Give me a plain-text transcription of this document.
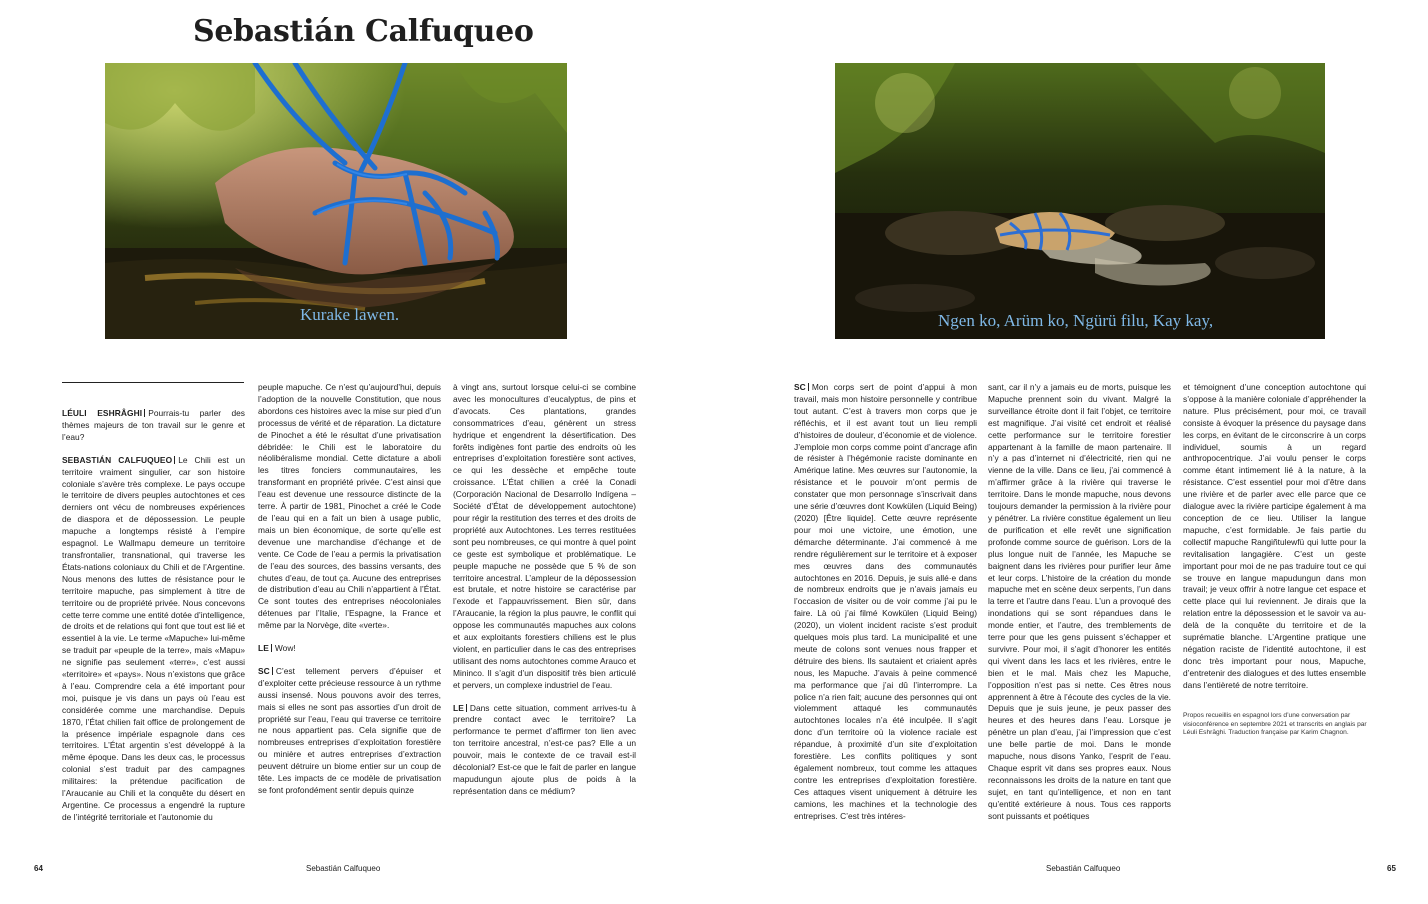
Sebastián Calfuqueo
Kurake lawen.	Ngen ko, Arüm ko, Ngürü filu, Kay kay,

LÉULI ESHRÂGHI Pourrais-tu parler des thèmes majeurs de ton travail sur le genre et l’eau?

SEBASTIÁN CALFUQUEO Le Chili est un territoire vraiment singulier, car son histoire coloniale s’avère très complexe. Le pays occupe le territoire de divers peuples autochtones et ces derniers ont vécu de nombreuses expériences de diaspora et de dépossession. Le peuple mapuche a longtemps résisté à l’empire espagnol. Le Wallmapu demeure un territoire transfrontalier, transnational, qui traverse les États-nations coloniaux du Chili et de l’Argentine. Nous menons des luttes de résistance pour le territoire mapuche, pas simplement à titre de territoire ou de propriété privée. Nous concevons cette terre comme une entité dotée d’intelligence, de droits et de relations qui font que tout est lié et essentiel à la vie. Le terme «Mapuche» lui-même se traduit par «peuple de la terre», mais «Mapu» ne signifie pas seulement «terre», c’est aussi «territoire» et «pays». Nous n’existons que grâce à l’eau. Comprendre cela a été important pour moi, puisque je vis dans un pays où l’eau est considérée comme une marchandise. Depuis 1870, l’État chilien fait office de prolongement de la présence impériale espagnole dans ces territoires. L’État argentin s’est développé à la même époque. Dans les deux cas, le processus colonial s’est traduit par des campagnes militaires: la prétendue pacification de l’Araucanie au Chili et la conquête du désert en Argentine. Ce processus a engendré la rupture de l’intégrité territoriale et l’autonomie du

peuple mapuche. Ce n’est qu’aujourd’hui, depuis l’adoption de la nouvelle Constitution, que nous abordons ces histoires avec la mise sur pied d’un processus de vérité et de réparation. La dictature de Pinochet a été le résultat d’une privatisation débridée: le Chili est le laboratoire du néolibéralisme mondial. Cette dictature a aboli les titres fonciers communautaires, les transformant en propriété privée. C’est ainsi que l’eau est devenue une ressource distincte de la terre. À partir de 1981, Pinochet a créé le Code de l’eau qui en a fait un bien à usage public, mais un bien économique, de sorte qu’elle est devenue une marchandise d’échange et de vente. Ce Code de l’eau a permis la privatisation de l’eau des sources, des bassins versants, des chutes d’eau, de tout ça. Aucune des entreprises de distribution d’eau au Chili n’appartient à l’État. Ce sont toutes des entreprises néocoloniales détenues par l’Italie, l’Espagne, la France et même par la Norvège, dite «verte».

LE Wow!

SC C’est tellement pervers d’épuiser et d’exploiter cette précieuse ressource à un rythme aussi insensé. Nous pouvons avoir des terres, mais si elles ne sont pas assorties d’un droit de propriété sur l’eau, l’eau qui traverse ce territoire ne nous appartient pas. Cela signifie que de nombreuses entreprises d’exploitation forestière ou minière et autres entreprises d’extraction peuvent détruire un biome entier sur un coup de tête. Les impacts de ce modèle de privatisation se font profondément sentir depuis quinze

à vingt ans, surtout lorsque celui-ci se combine avec les monocultures d’eucalyptus, de pins et d’avocats. Ces plantations, grandes consommatrices d’eau, génèrent un stress hydrique et engendrent la désertification. Des forêts indigènes font partie des endroits où les entreprises d’exploitation forestière sont actives, ce qui les dessèche et empêche toute croissance. L’État chilien a créé la Conadi (Corporación Nacional de Desarrollo Indígena – Société d’État de développement autochtone) pour régir la restitution des terres et des droits de propriété aux Autochtones. Les terres restituées sont peu nombreuses, ce qui montre à quel point ce geste est symbolique et problématique. Le peuple mapuche ne possède que 5 % de son territoire ancestral. L’ampleur de la dépossession est brutale, et notre histoire se caractérise par l’exode et l’appauvrissement. Bien sûr, dans l’Araucanie, la région la plus pauvre, le conflit qui oppose les communautés mapuches aux colons et aux exploitants forestiers chiliens est le plus violent, en particulier dans le cas des entreprises utilisant des noms autochtones comme Arauco et Mininco. Il s’agit d’un dispositif très bien articulé et pervers, un complexe industriel de l’eau.

LE Dans cette situation, comment arrives-tu à prendre contact avec le territoire? La performance te permet d’affirmer ton lien avec ton territoire ancestral, n’est-ce pas? Elle a un pouvoir, mais le contexte de ce travail est-il décolonial? Est-ce que le fait de parler en langue mapudungun ajoute plus de poids à la représentation dans ce médium?

SC Mon corps sert de point d’appui à mon travail, mais mon histoire personnelle y contribue tout autant. C’est à travers mon corps que je réfléchis, et il est avant tout un lieu rempli d’histoires de douleur, d’économie et de violence. J’emploie mon corps comme point d’ancrage afin de résister à l’hégémonie raciste dominante en Amérique latine. Mes œuvres sur l’autonomie, la résistance et le pouvoir m’ont permis de constater que mon personnage s’inscrivait dans une série d’œuvres dont Kowkülen (Liquid Being) (2020) [Être liquide]. Cette œuvre représente pour moi une victoire, une émotion, une démarche déterminante. J’ai commencé à me rendre régulièrement sur le territoire et à exposer mes œuvres dans des communautés autochtones en 2016. Depuis, je suis allé·e dans de nombreux endroits que je n’avais jamais eu l’occasion de visiter ou de voir comme j’ai pu le faire. Là où j’ai filmé Kowkülen (Liquid Being) (2020), un violent incident raciste s’est produit quelques mois plus tard. La municipalité et une meute de colons sont venues nous frapper et détruire des biens. Ils sautaient et criaient après nous, les Mapuche. J’avais à peine commencé ma performance que j’ai dû l’interrompre. La police n’a rien fait; aucune des personnes qui ont violemment attaqué les communautés autochtones locales n’a été inculpée. Il s’agit donc d’un territoire où la violence raciale est répandue, à proximité d’un site d’exploitation forestière. Les conflits politiques y sont également nombreux, tout comme les attaques contre les entreprises d’exploitation forestière. Ces attaques visent uniquement à détruire les camions, les machines et la technologie des entreprises. C’est très intéres-

sant, car il n’y a jamais eu de morts, puisque les Mapuche prennent soin du vivant. Malgré la surveillance étroite dont il fait l’objet, ce territoire est magnifique. J’ai visité cet endroit et réalisé cette performance sur le territoire forestier appartenant à la famille de maon partenaire. Il n’y a pas d’internet ni d’électricité, rien qui ne vienne de la ville. Dans ce lieu, j’ai commencé à m’affirmer grâce à la rivière qui traverse le territoire. Dans le monde mapuche, nous devons toujours demander la permission à la rivière pour y pénétrer. La rivière constitue également un lieu de purification et elle revêt une signification profonde comme source de guérison. Lors de la plus longue nuit de l’année, les Mapuche se baignent dans les rivières pour purifier leur âme et leur corps. L’histoire de la création du monde mapuche met en scène deux serpents, l’un dans la terre et l’autre dans l’eau. L’un a provoqué des inondations qui se sont répandues dans le monde entier, et l’autre, des tremblements de terre pour que les gens puissent s’échapper et survivre. Pour moi, il s’agit d’honorer les entités qui vivent dans les lacs et les rivières, entre le bien et le mal. Mais chez les Mapuche, l’opposition n’est pas si nette. Ces êtres nous apprennent à être à l’écoute des cycles de la vie. Depuis que je suis jeune, je peux passer des heures et des heures dans l’eau. Lorsque je pénètre un plan d’eau, j’ai l’impression que c’est une belle partie de moi. Dans le monde mapuche, nous disons Yanko, l’esprit de l’eau. Chaque esprit vit dans ses propres eaux. Nous reconnaissons les droits de la nature en tant que sujet, en tant qu’intelligence, et non en tant qu’entité extérieure à nous. Tous ces rapports sont puissants et poétiques

et témoignent d’une conception autochtone qui s’oppose à la manière coloniale d’appréhender la nature. Plus précisément, pour moi, ce travail consiste à évoquer la présence du paysage dans les corps, en évitant de le circonscrire à un corps individuel, soumis à un regard anthropocentrique. J’ai voulu penser le corps comme étant intimement lié à la nature, à la résistance. C’est essentiel pour moi d’être dans une rivière et de parler avec elle parce que ce dialogue avec la rivière participe également à ma conception de ce lieu. Utiliser la langue mapuche, c’est formidable. Je fais partie du collectif mapuche Rangiñtulewfü qui lutte pour la revitalisation langagière. C’est un geste important pour moi de ne pas traduire tout ce qui se trouve en langue mapudungun dans mon travail; je veux offrir à notre langue cet espace et cette place qui lui reviennent. Je dirais que la relation entre la dépossession et le savoir va au-delà de la conquête du territoire et de la suprématie blanche. L’Argentine pratique une négation raciste de l’identité autochtone, il est donc très important pour nous, Mapuche, d’entretenir des dialogues et des luttes ensemble dans l’entièreté de notre territoire.

Propos recueillis en espagnol lors d’une conversation par visioconférence en septembre 2021 et transcrits en anglais par Léuli Eshrāghi. Traduction française par Karim Chagnon.
64	Sebastián Calfuqueo	Sebastián Calfuqueo	65
